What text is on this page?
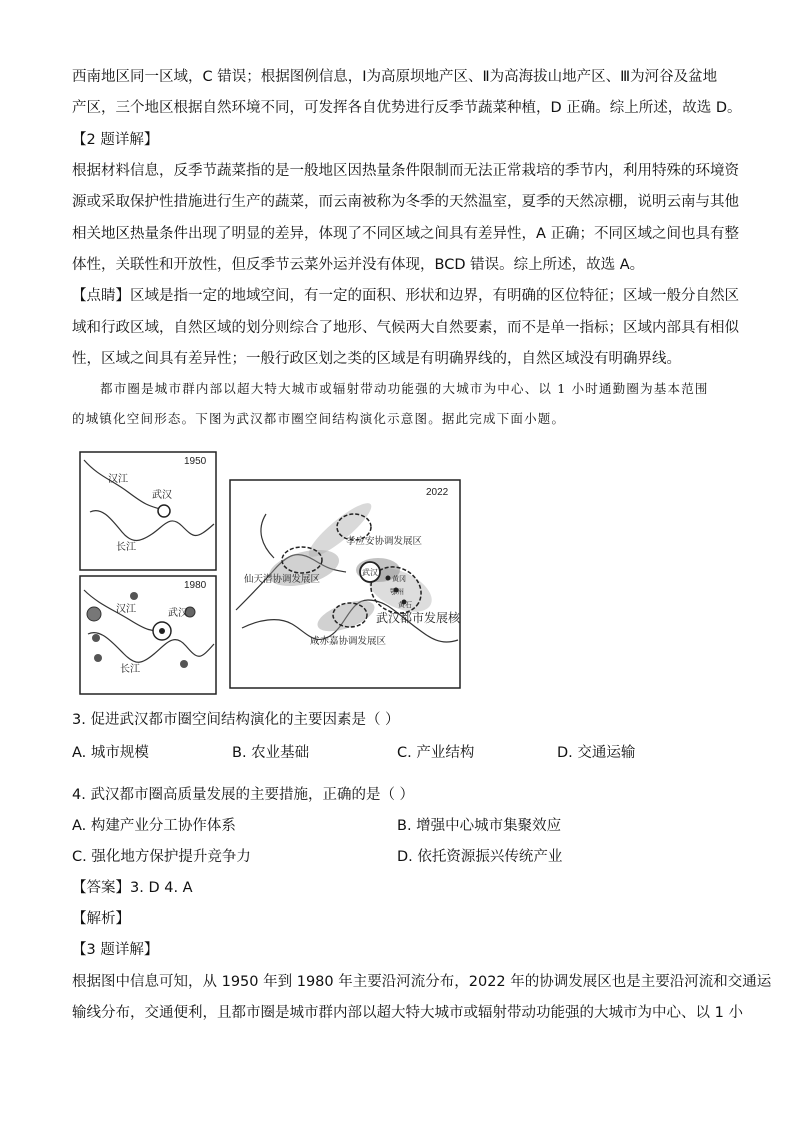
西南地区同一区域，C 错误；根据图例信息，Ⅰ为高原坝地产区、Ⅱ为高海拔山地产区、Ⅲ为河谷及盆地
产区，三个地区根据自然环境不同，可发挥各自优势进行反季节蔬菜种植，D 正确。综上所述，故选 D。
【2 题详解】
根据材料信息，反季节蔬菜指的是一般地区因热量条件限制而无法正常栽培的季节内，利用特殊的环境资
源或采取保护性措施进行生产的蔬菜，而云南被称为冬季的天然温室，夏季的天然凉棚，说明云南与其他
相关地区热量条件出现了明显的差异，体现了不同区域之间具有差异性，A 正确；不同区域之间也具有整
体性，关联性和开放性，但反季节云菜外运并没有体现，BCD 错误。综上所述，故选 A。
【点睛】区域是指一定的地域空间，有一定的面积、形状和边界，有明确的区位特征；区域一般分自然区
域和行政区域，自然区域的划分则综合了地形、气候两大自然要素，而不是单一指标；区域内部具有相似
性，区域之间具有差异性；一般行政区划之类的区域是有明确界线的，自然区域没有明确界线。
都市圈是城市群内部以超大特大城市或辐射带动功能强的大城市为中心、以 1 小时通勤圈为基本范围
的城镇化空间形态。下图为武汉都市圈空间结构演化示意图。据此完成下面小题。
1950
汉江
武汉
长江
1980
汉江	武汉
长江
2022
孝应安协调发展区
仙天潜协调发展区
咸赤嘉协调发展区
武汉
黄冈
鄂州
黄石
武汉都市发展核
3. 促进武汉都市圈空间结构演化的主要因素是（ ）
A. 城市规模	B. 农业基础	C. 产业结构	D. 交通运输
4. 武汉都市圈高质量发展的主要措施，正确的是（ ）
A. 构建产业分工协作体系	B. 增强中心城市集聚效应
C. 强化地方保护提升竞争力	D. 依托资源振兴传统产业
【答案】3. D 4. A
【解析】
【3 题详解】
根据图中信息可知，从 1950 年到 1980 年主要沿河流分布，2022 年的协调发展区也是主要沿河流和交通运
输线分布，交通便利，且都市圈是城市群内部以超大特大城市或辐射带动功能强的大城市为中心、以 1 小
